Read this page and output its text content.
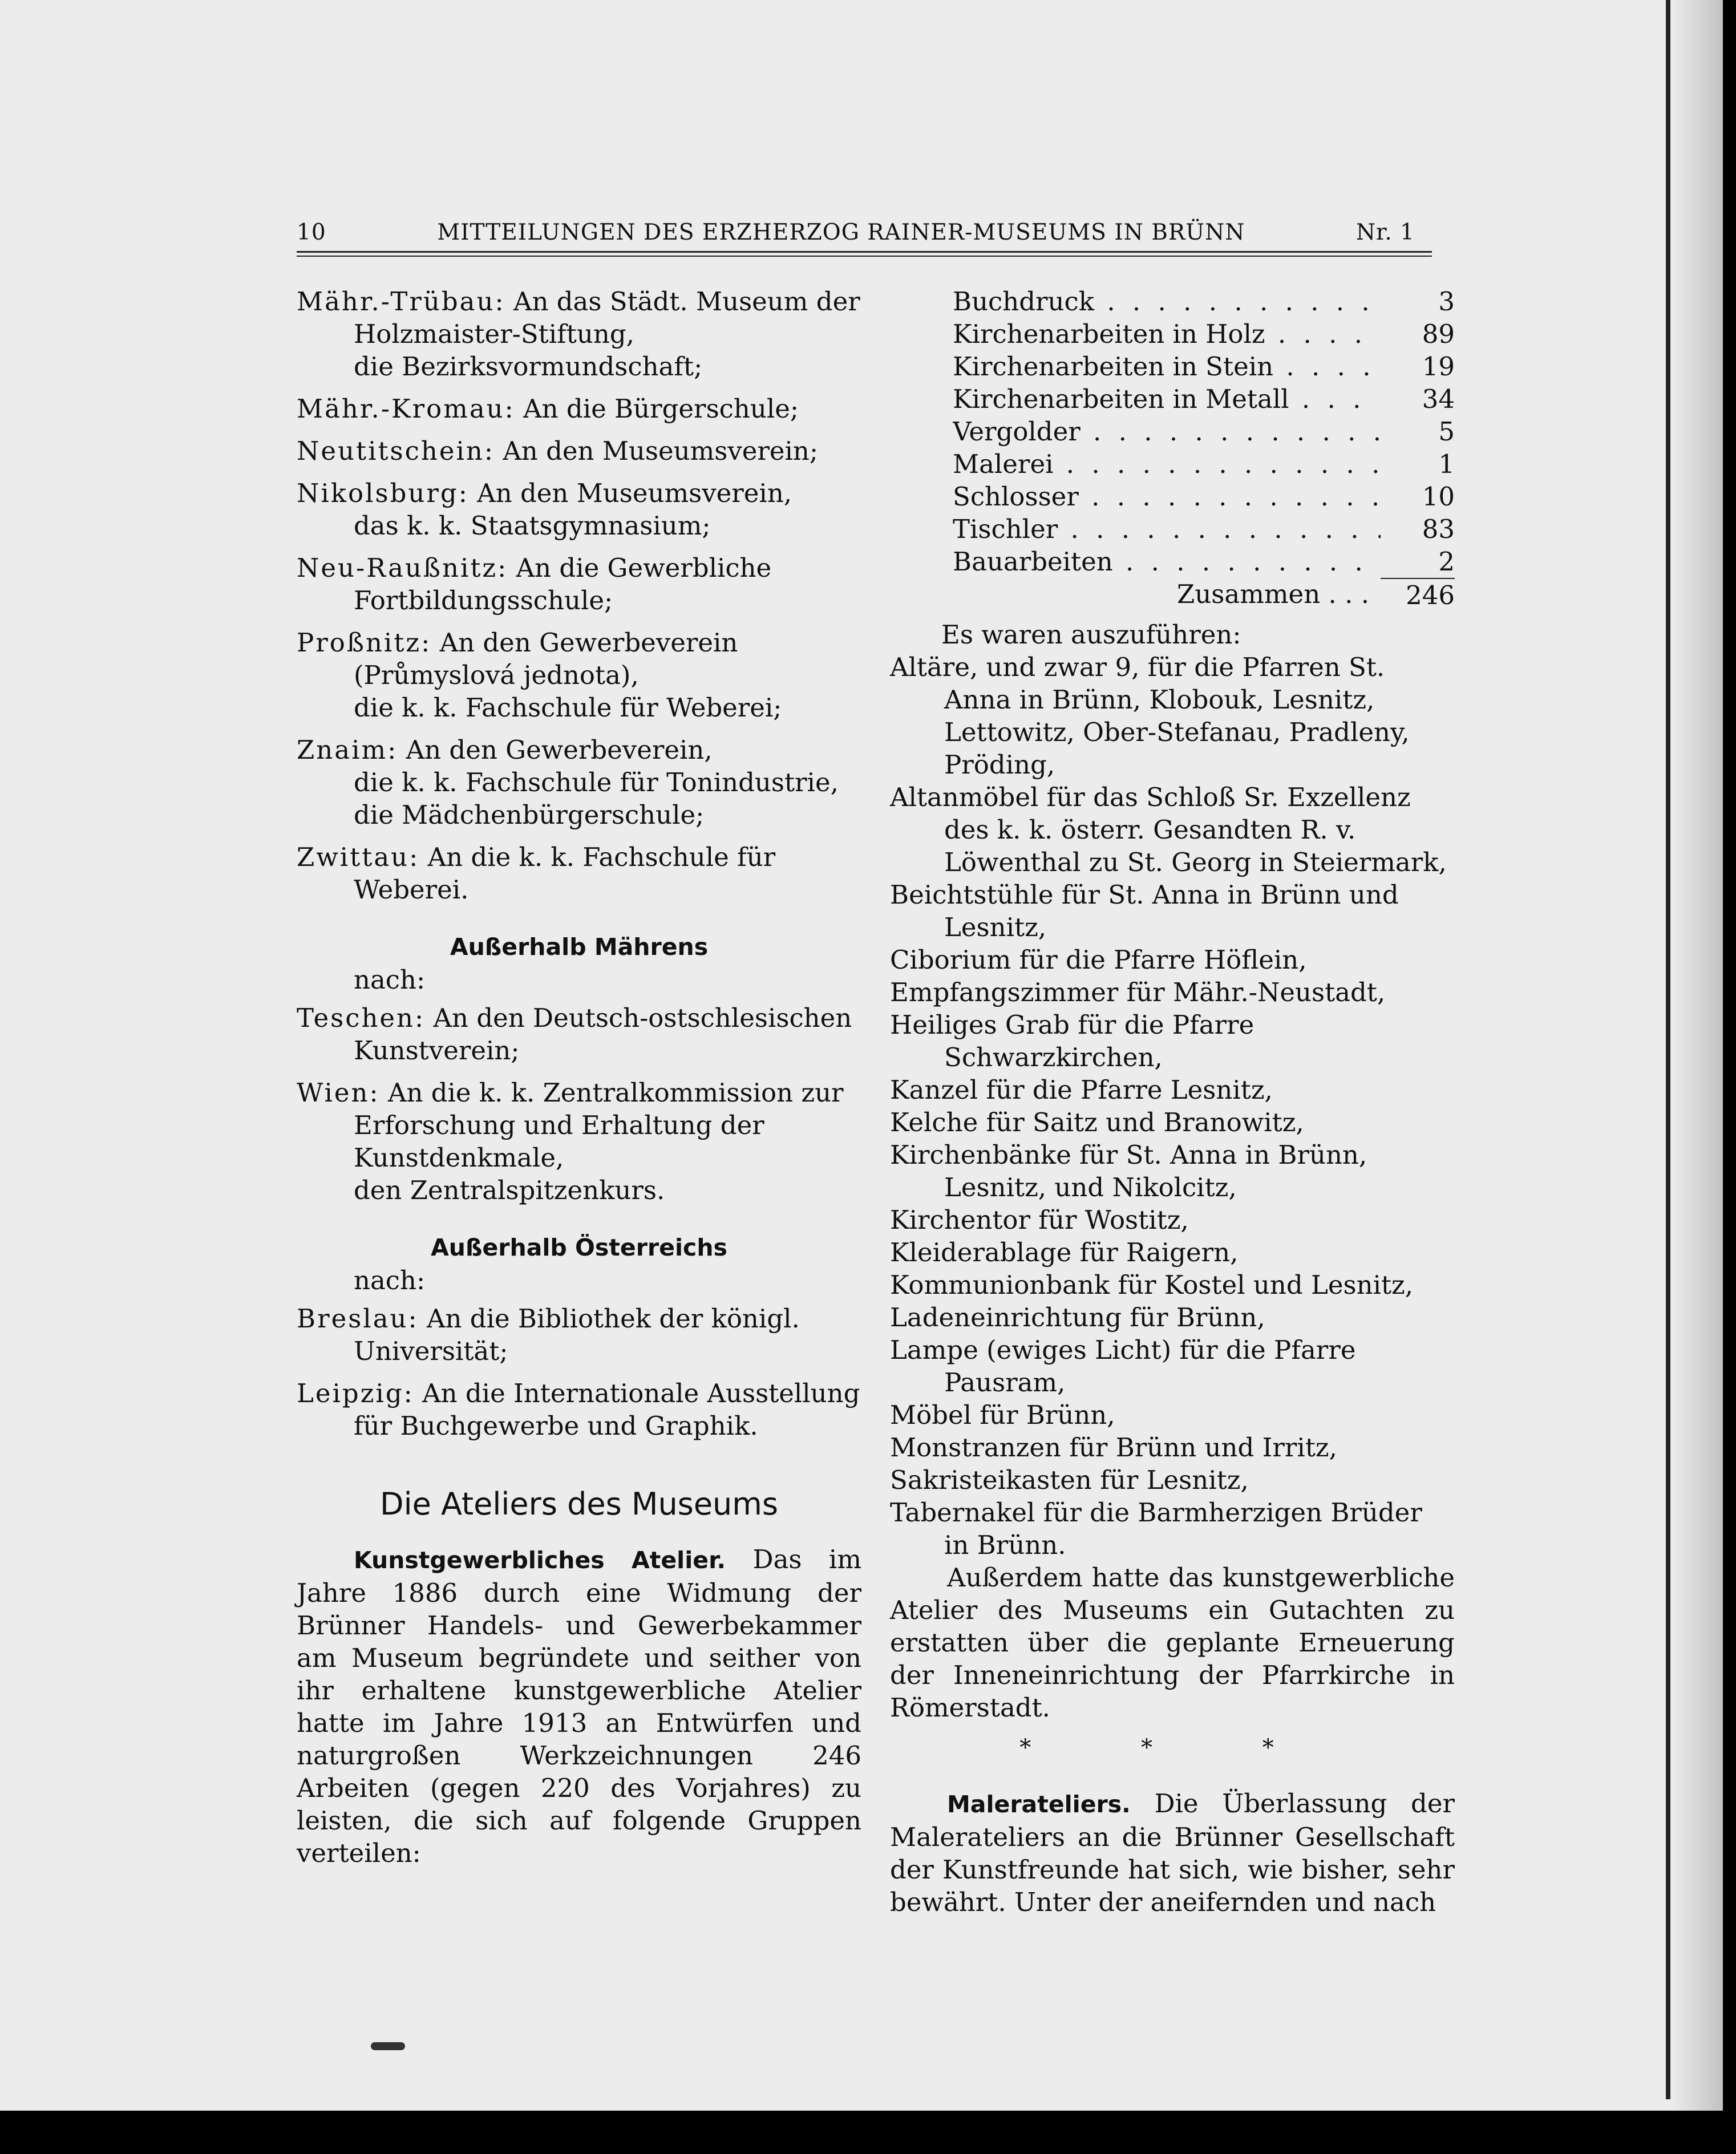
10	MITTEILUNGEN DES ERZHERZOG RAINER-MUSEUMS IN BRÜNN	Nr. 1
Mähr.-Trübau: An das Städt. Museum der Holzmaister-Stiftung,
die Bezirksvormundschaft;
Mähr.-Kromau: An die Bürgerschule;
Neutitschein: An den Museumsverein;
Nikolsburg: An den Museumsverein,
das k. k. Staatsgymnasium;
Neu-Raußnitz: An die Gewerbliche Fortbildungsschule;
Proßnitz: An den Gewerbeverein (Průmyslová jednota),
die k. k. Fachschule für Weberei;
Znaim: An den Gewerbeverein,
die k. k. Fachschule für Tonindustrie,
die Mädchenbürgerschule;
Zwittau: An die k. k. Fachschule für Weberei.
Außerhalb Mährens
nach:
Teschen: An den Deutsch-ostschlesischen Kunstverein;
Wien: An die k. k. Zentralkommission zur Erforschung und Erhaltung der Kunstdenkmale,
den Zentralspitzenkurs.
Außerhalb Österreichs
nach:
Breslau: An die Bibliothek der königl. Universität;
Leipzig: An die Internationale Ausstellung für Buchgewerbe und Graphik.
Die Ateliers des Museums
Kunstgewerbliches Atelier. Das im Jahre 1886 durch eine Widmung der Brünner Handels- und Gewerbekammer am Museum begründete und seither von ihr erhaltene kunstgewerbliche Atelier hatte im Jahre 1913 an Entwürfen und naturgroßen Werkzeichnungen 246 Arbeiten (gegen 220 des Vorjahres) zu leisten, die sich auf folgende Gruppen verteilen:
Buchdruck . . .	3
Kirchenarbeiten in Holz . . .	89
Kirchenarbeiten in Stein . . .	19
Kirchenarbeiten in Metall . . .	34
Vergolder . . .	5
Malerei . . .	1
Schlosser . . .	10
Tischler . . .	83
Bauarbeiten . . .	2
Zusammen . . .	246
Es waren auszuführen:
Altäre, und zwar 9, für die Pfarren St. Anna in Brünn, Klobouk, Lesnitz, Lettowitz, Ober-Stefanau, Pradleny, Pröding,
Altanmöbel für das Schloß Sr. Exzellenz des k. k. österr. Gesandten R. v. Löwenthal zu St. Georg in Steiermark,
Beichtstühle für St. Anna in Brünn und Lesnitz,
Ciborium für die Pfarre Höflein,
Empfangszimmer für Mähr.-Neustadt,
Heiliges Grab für die Pfarre Schwarzkirchen,
Kanzel für die Pfarre Lesnitz,
Kelche für Saitz und Branowitz,
Kirchenbänke für St. Anna in Brünn, Lesnitz, und Nikolcitz,
Kirchentor für Wostitz,
Kleiderablage für Raigern,
Kommunionbank für Kostel und Lesnitz,
Ladeneinrichtung für Brünn,
Lampe (ewiges Licht) für die Pfarre Pausram,
Möbel für Brünn,
Monstranzen für Brünn und Irritz,
Sakristeikasten für Lesnitz,
Tabernakel für die Barmherzigen Brüder in Brünn.
Außerdem hatte das kunstgewerbliche Atelier des Museums ein Gutachten zu erstatten über die geplante Erneuerung der Inneneinrichtung der Pfarrkirche in Römerstadt.
* * *
Malerateliers. Die Überlassung der Malerateliers an die Brünner Gesellschaft der Kunstfreunde hat sich, wie bisher, sehr bewährt. Unter der aneifernden und nach
